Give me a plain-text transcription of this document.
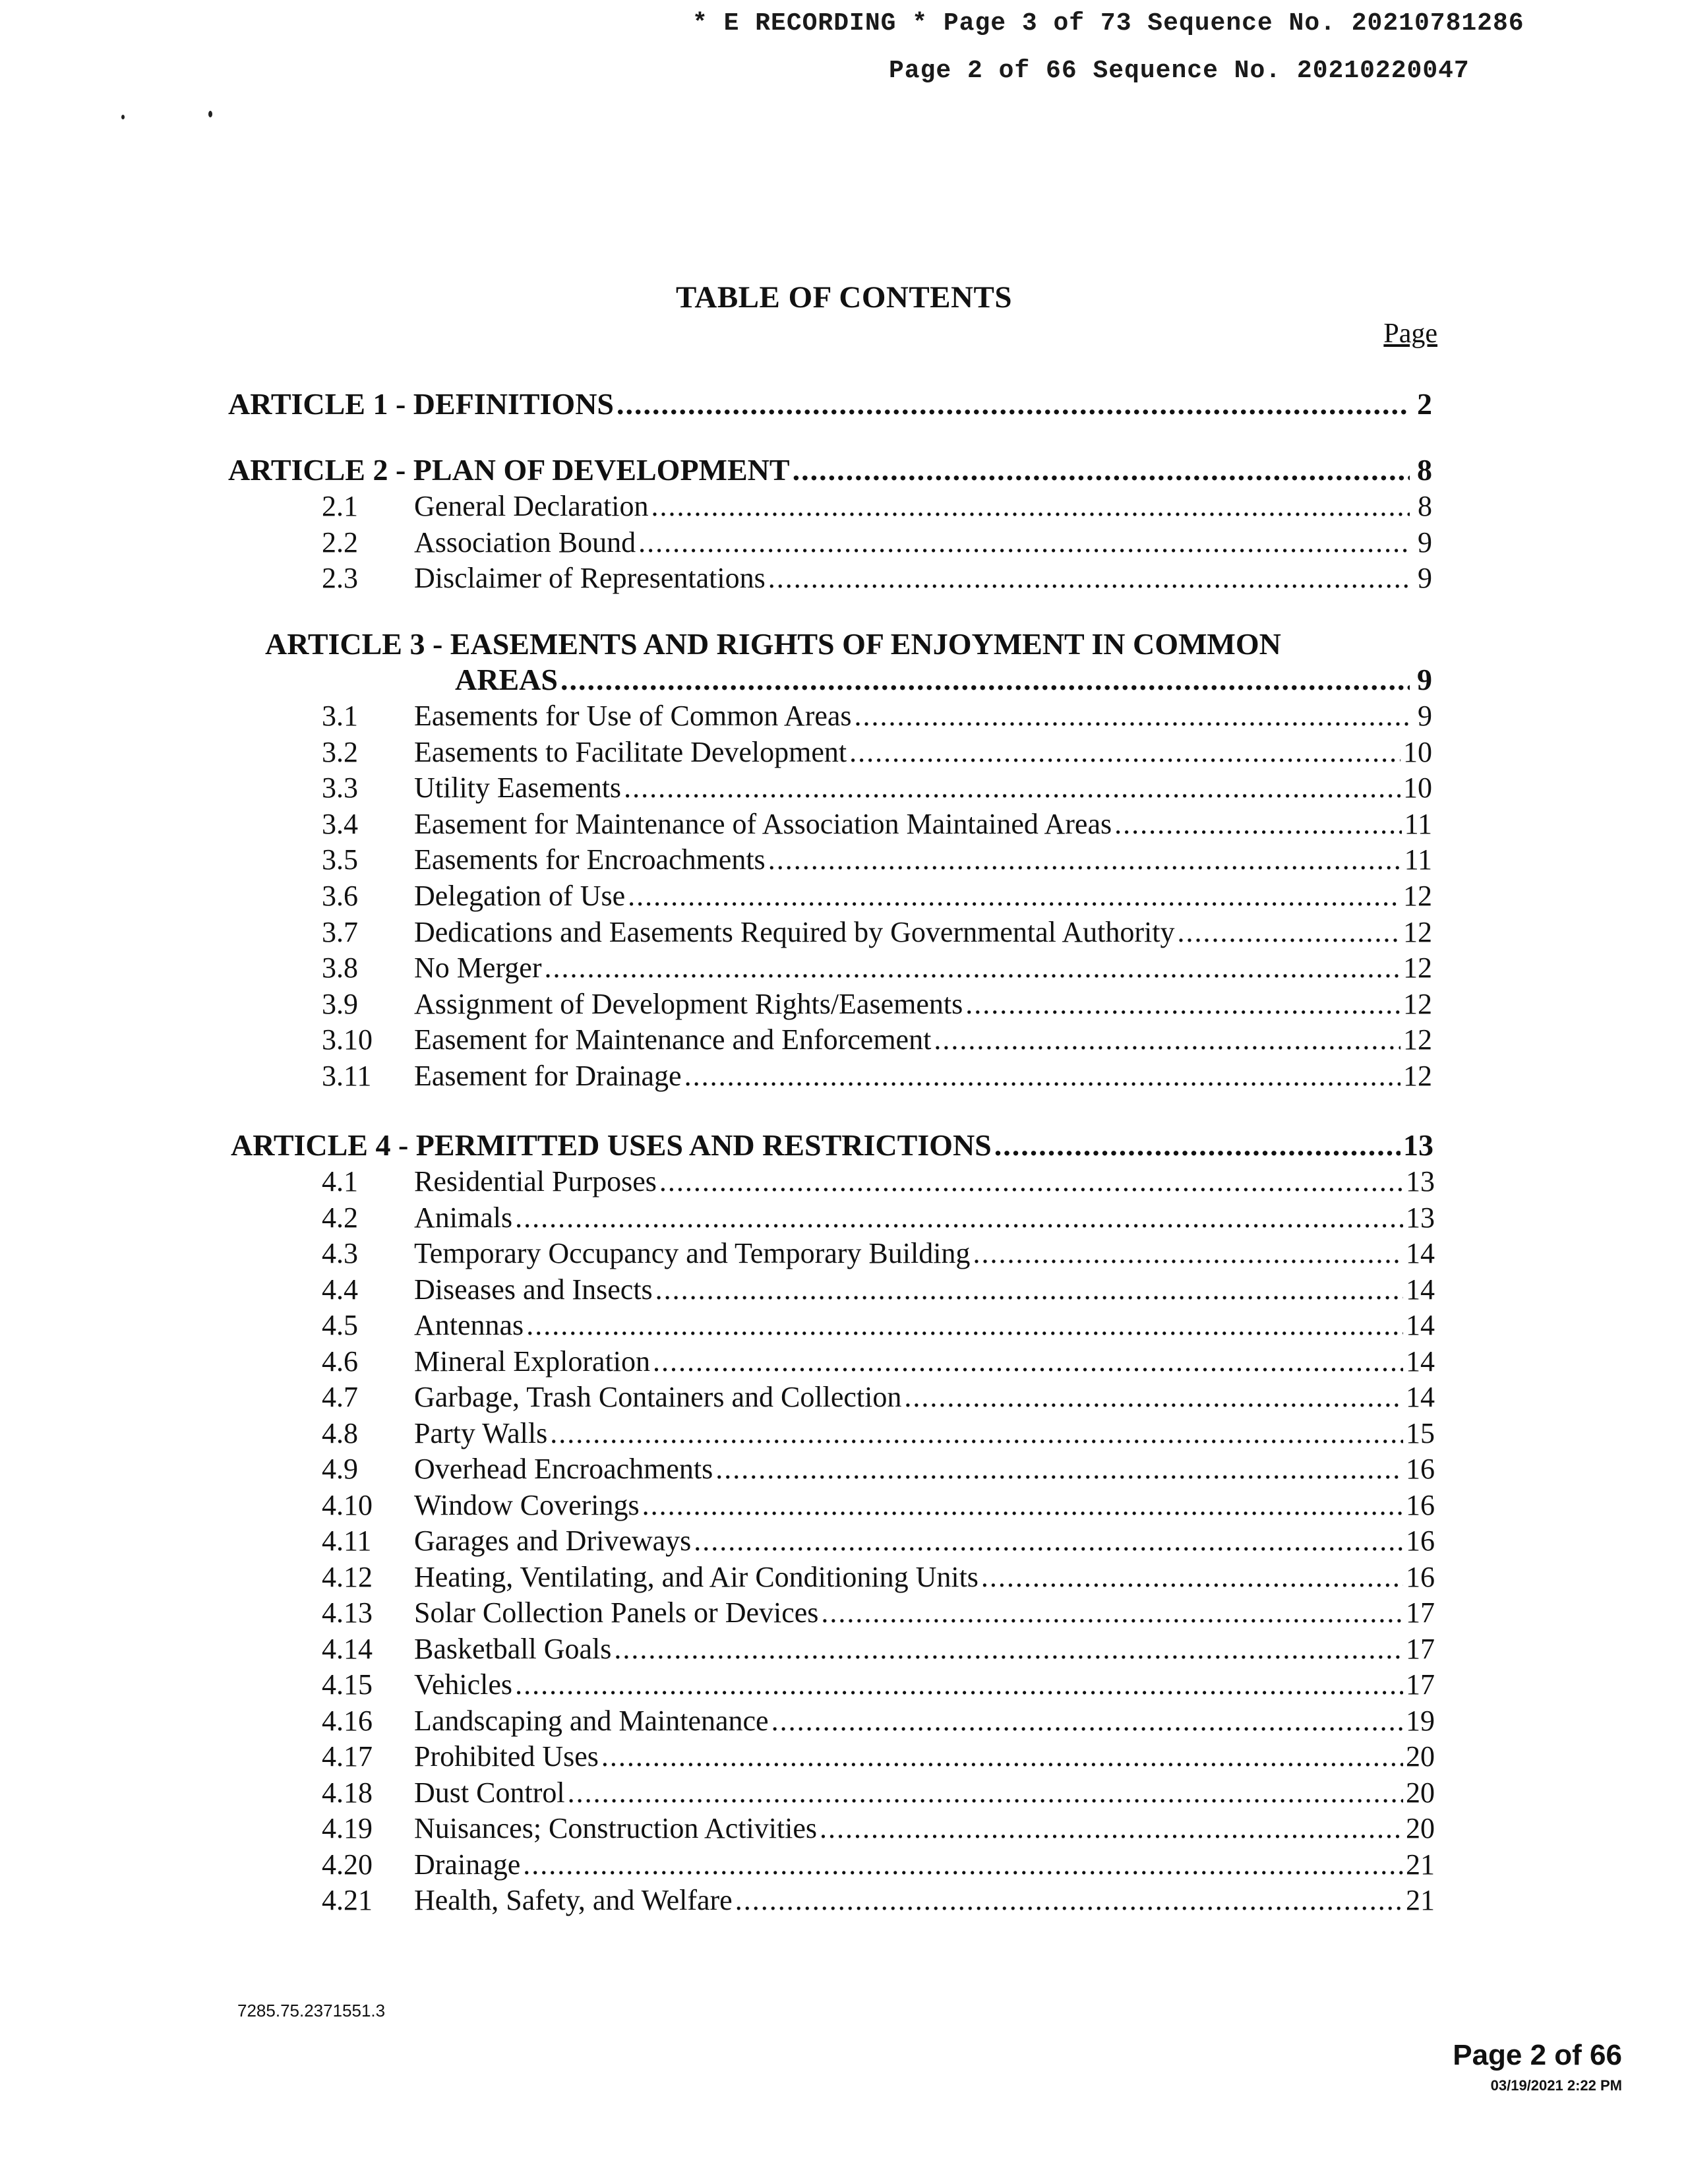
* E RECORDING * Page 3 of 73 Sequence No. 20210781286
Page 2 of 66 Sequence No. 20210220047
TABLE OF CONTENTS
Page
ARTICLE 1 - DEFINITIONS .....	2
ARTICLE 2 - PLAN OF DEVELOPMENT .....	8
2.1	General Declaration .....	8
2.2	Association Bound .....	9
2.3	Disclaimer of Representations .....	9
ARTICLE 3 - EASEMENTS AND RIGHTS OF ENJOYMENT IN COMMON
AREAS .....	9
3.1	Easements for Use of Common Areas .....	9
3.2	Easements to Facilitate Development .....	10
3.3	Utility Easements .....	10
3.4	Easement for Maintenance of Association Maintained Areas .....	11
3.5	Easements for Encroachments .....	11
3.6	Delegation of Use .....	12
3.7	Dedications and Easements Required by Governmental Authority .....	12
3.8	No Merger .....	12
3.9	Assignment of Development Rights/Easements .....	12
3.10	Easement for Maintenance and Enforcement .....	12
3.11	Easement for Drainage .....	12
ARTICLE 4 - PERMITTED USES AND RESTRICTIONS .....	13
4.1	Residential Purposes .....	13
4.2	Animals .....	13
4.3	Temporary Occupancy and Temporary Building .....	14
4.4	Diseases and Insects .....	14
4.5	Antennas .....	14
4.6	Mineral Exploration .....	14
4.7	Garbage, Trash Containers and Collection .....	14
4.8	Party Walls .....	15
4.9	Overhead Encroachments .....	16
4.10	Window Coverings .....	16
4.11	Garages and Driveways .....	16
4.12	Heating, Ventilating, and Air Conditioning Units .....	16
4.13	Solar Collection Panels or Devices .....	17
4.14	Basketball Goals .....	17
4.15	Vehicles .....	17
4.16	Landscaping and Maintenance .....	19
4.17	Prohibited Uses .....	20
4.18	Dust Control .....	20
4.19	Nuisances; Construction Activities .....	20
4.20	Drainage .....	21
4.21	Health, Safety, and Welfare .....	21
7285.75.2371551.3
Page 2 of 66
03/19/2021 2:22 PM
